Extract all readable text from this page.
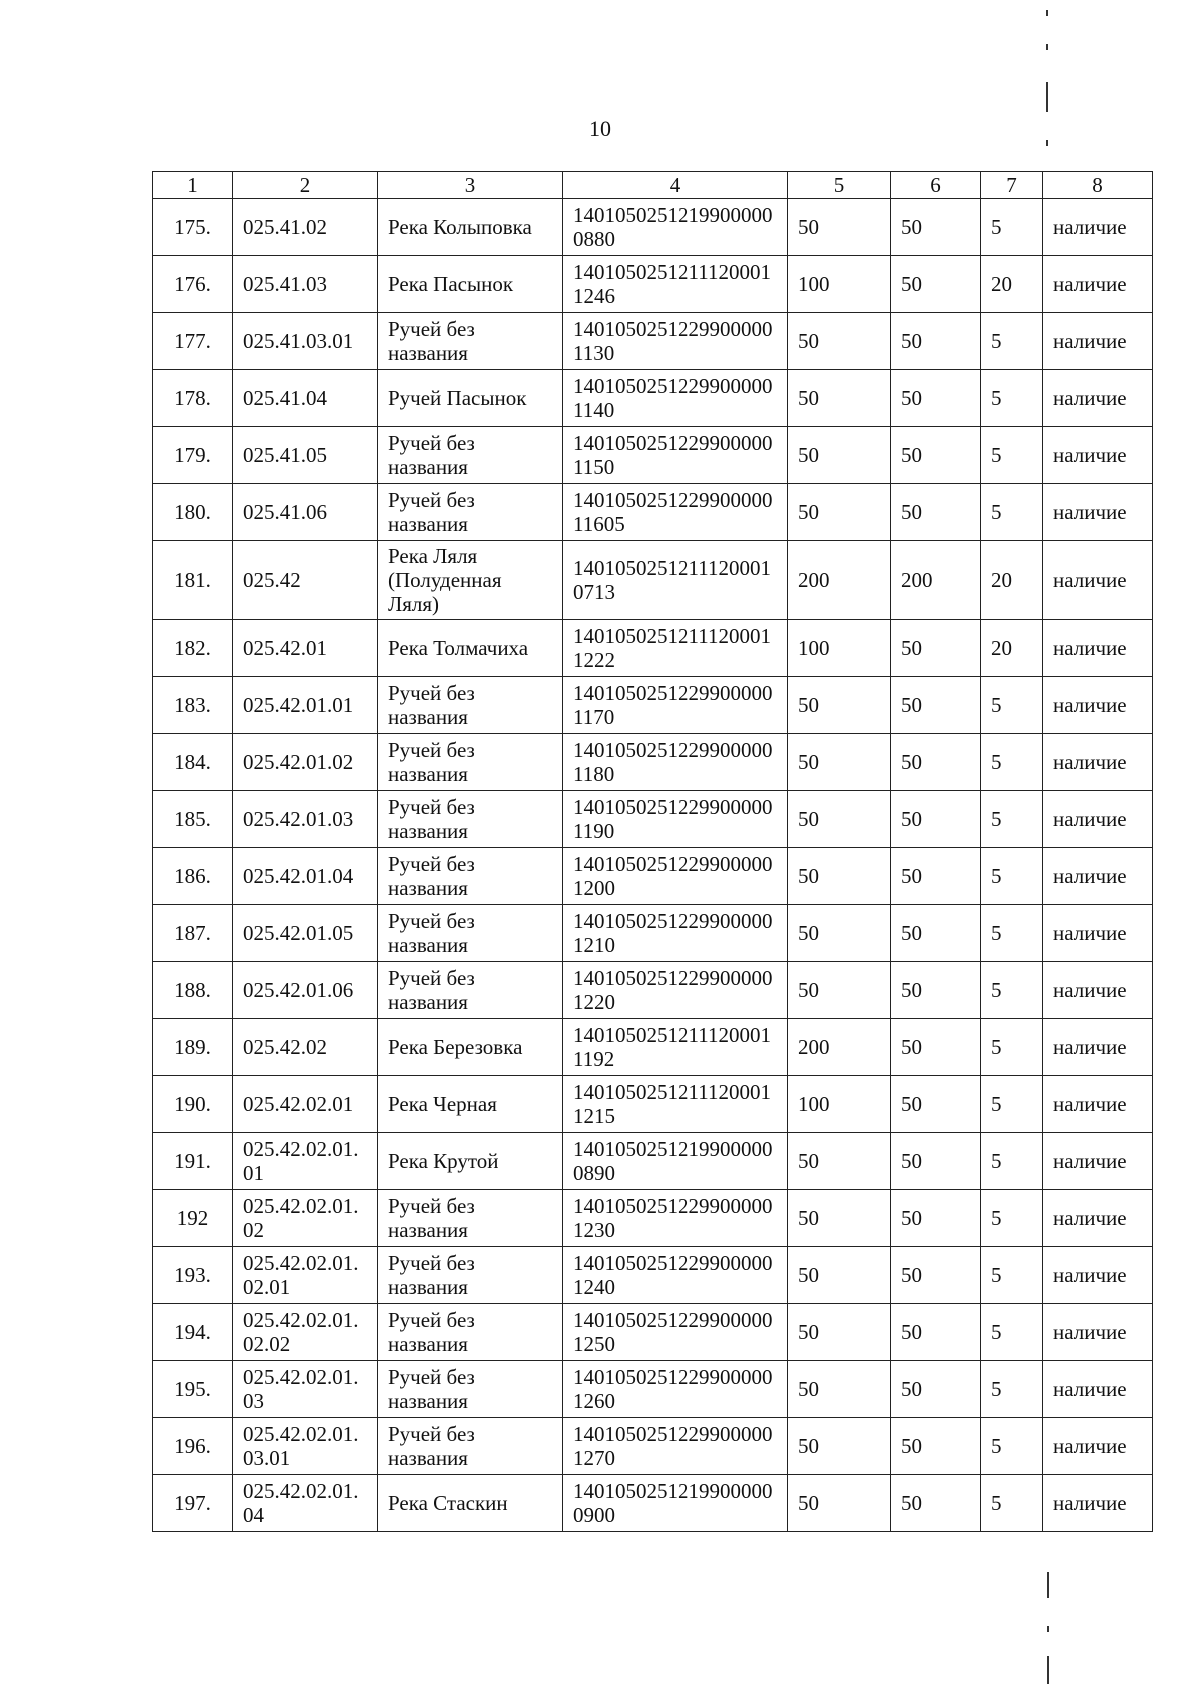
10
1	2	3	4	5	6	7	8
175.	025.41.02	Река Колыповка	14010502512199000000880	50	50	5	наличие
176.	025.41.03	Река Пасынок	14010502512111200011246	100	50	20	наличие
177.	025.41.03.01	Ручей без названия	14010502512299000001130	50	50	5	наличие
178.	025.41.04	Ручей Пасынок	14010502512299000001140	50	50	5	наличие
179.	025.41.05	Ручей без названия	14010502512299000001150	50	50	5	наличие
180.	025.41.06	Ручей без названия	140105025122990000011605	50	50	5	наличие
181.	025.42	Река Ляля (Полуденная Ляля)	14010502512111200010713	200	200	20	наличие
182.	025.42.01	Река Толмачиха	14010502512111200011222	100	50	20	наличие
183.	025.42.01.01	Ручей без названия	14010502512299000001170	50	50	5	наличие
184.	025.42.01.02	Ручей без названия	14010502512299000001180	50	50	5	наличие
185.	025.42.01.03	Ручей без названия	14010502512299000001190	50	50	5	наличие
186.	025.42.01.04	Ручей без названия	14010502512299000001200	50	50	5	наличие
187.	025.42.01.05	Ручей без названия	14010502512299000001210	50	50	5	наличие
188.	025.42.01.06	Ручей без названия	14010502512299000001220	50	50	5	наличие
189.	025.42.02	Река Березовка	14010502512111200011192	200	50	5	наличие
190.	025.42.02.01	Река Черная	14010502512111200011215	100	50	5	наличие
191.	025.42.02.01.01	Река Крутой	14010502512199000000890	50	50	5	наличие
192	025.42.02.01.02	Ручей без названия	14010502512299000001230	50	50	5	наличие
193.	025.42.02.01.02.01	Ручей без названия	14010502512299000001240	50	50	5	наличие
194.	025.42.02.01.02.02	Ручей без названия	14010502512299000001250	50	50	5	наличие
195.	025.42.02.01.03	Ручей без названия	14010502512299000001260	50	50	5	наличие
196.	025.42.02.01.03.01	Ручей без названия	14010502512299000001270	50	50	5	наличие
197.	025.42.02.01.04	Река Стаскин	14010502512199000000900	50	50	5	наличие
